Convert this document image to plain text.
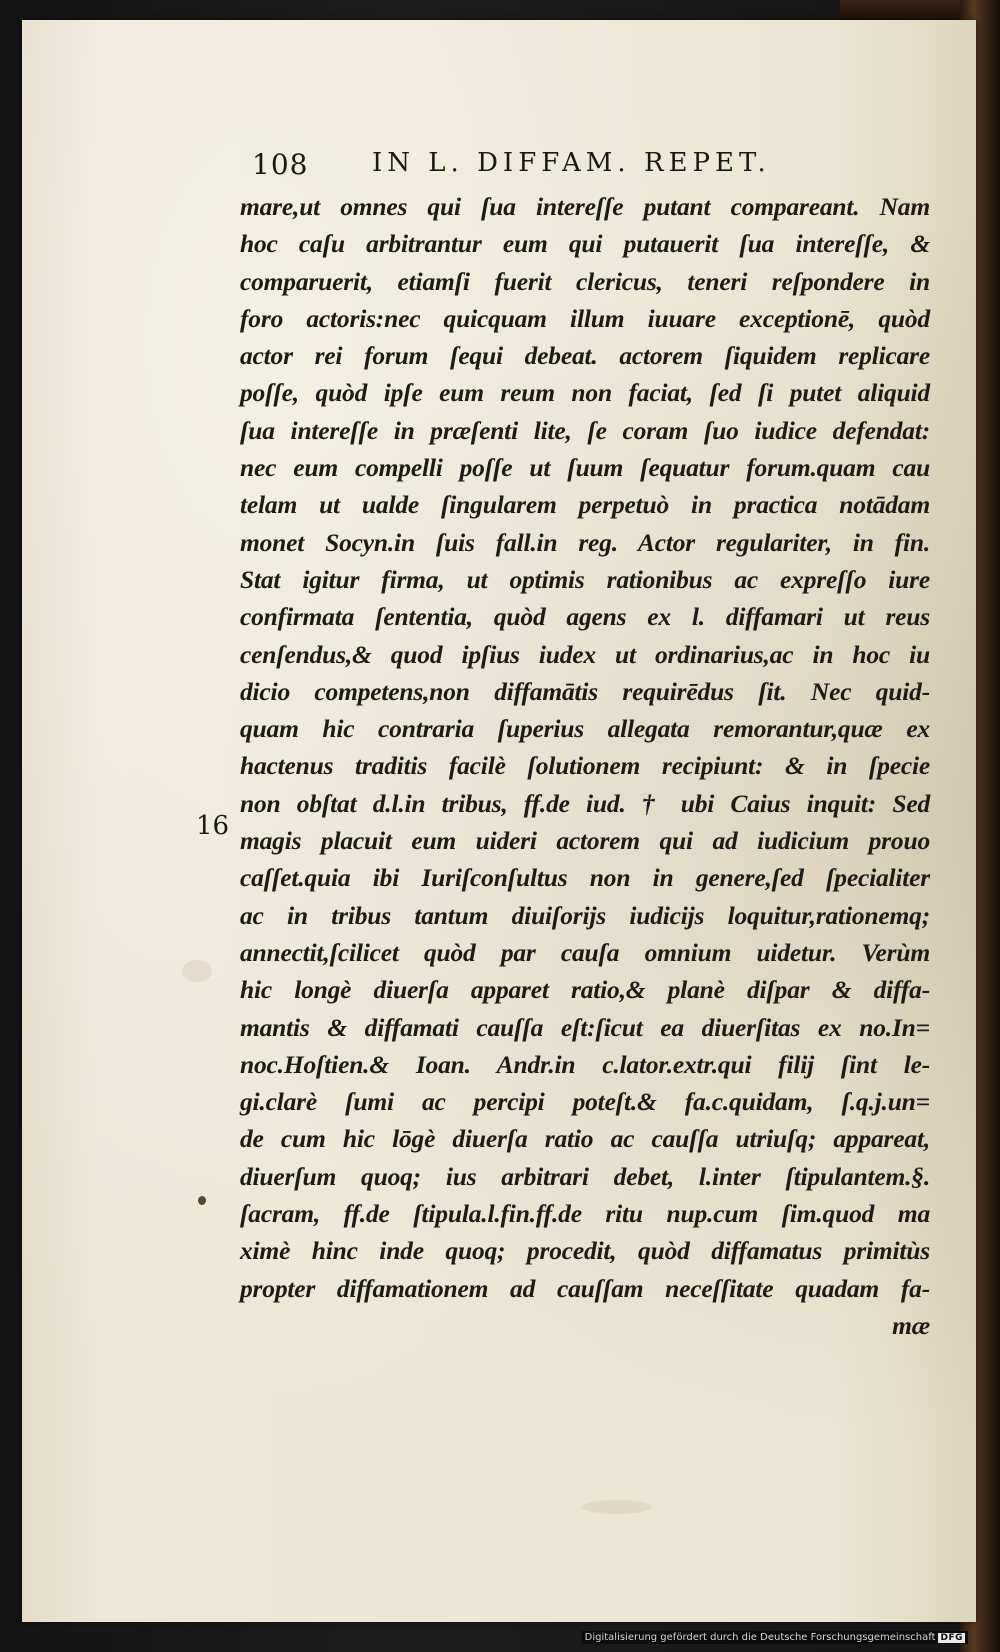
108 IN L. DIFFAM. REPET.
16
mare,ut omnes qui ſua intereſſe putant compareant. Nam
hoc caſu arbitrantur eum qui putauerit ſua intereſſe, &
comparuerit, etiamſi fuerit clericus, teneri reſpondere in
foro actoris:nec quicquam illum iuuare exceptionē, quòd
actor rei forum ſequi debeat. actorem ſiquidem replicare
poſſe, quòd ipſe eum reum non faciat, ſed ſi putet aliquid
ſua intereſſe in præſenti lite, ſe coram ſuo iudice defendat:
nec eum compelli poſſe ut ſuum ſequatur forum.quam cau
telam ut ualde ſingularem perpetuò in practica notādam
monet Socyn.in ſuis fall.in reg. Actor regulariter, in fin.
Stat igitur firma, ut optimis rationibus ac expreſſo iure
confirmata ſententia, quòd agens ex l. diffamari ut reus
cenſendus,& quod ipſius iudex ut ordinarius,ac in hoc iu
dicio competens,non diffamātis requirēdus ſit. Nec quid-
quam hic contraria ſuperius allegata remorantur,quæ ex
hactenus traditis facilè ſolutionem recipiunt: & in ſpecie
non obſtat d.l.in tribus, ff.de iud. † ubi Caius inquit: Sed
magis placuit eum uideri actorem qui ad iudicium prouo
caſſet.quia ibi Iuriſconſultus non in genere,ſed ſpecialiter
ac in tribus tantum diuiſorijs iudicijs loquitur,rationemq;
annectit,ſcilicet quòd par cauſa omnium uidetur. Verùm
hic longè diuerſa apparet ratio,& planè diſpar & diffa-
mantis & diffamati cauſſa eſt:ſicut ea diuerſitas ex no.In=
noc.Hoſtien.& Ioan. Andr.in c.lator.extr.qui filij ſint le-
gi.clarè ſumi ac percipi poteſt.& fa.c.quidam, ſ.q.j.un=
de cum hic lōgè diuerſa ratio ac cauſſa utriuſq; appareat,
diuerſum quoq; ius arbitrari debet, l.inter ſtipulantem.§.
ſacram, ff.de ſtipula.l.fin.ff.de ritu nup.cum ſim.quod ma
ximè hinc inde quoq; procedit, quòd diffamatus primitùs
propter diffamationem ad cauſſam neceſſitate quadam fa-
mæ
Digitalisierung gefördert durch die Deutsche Forschungsgemeinschaft DFG
